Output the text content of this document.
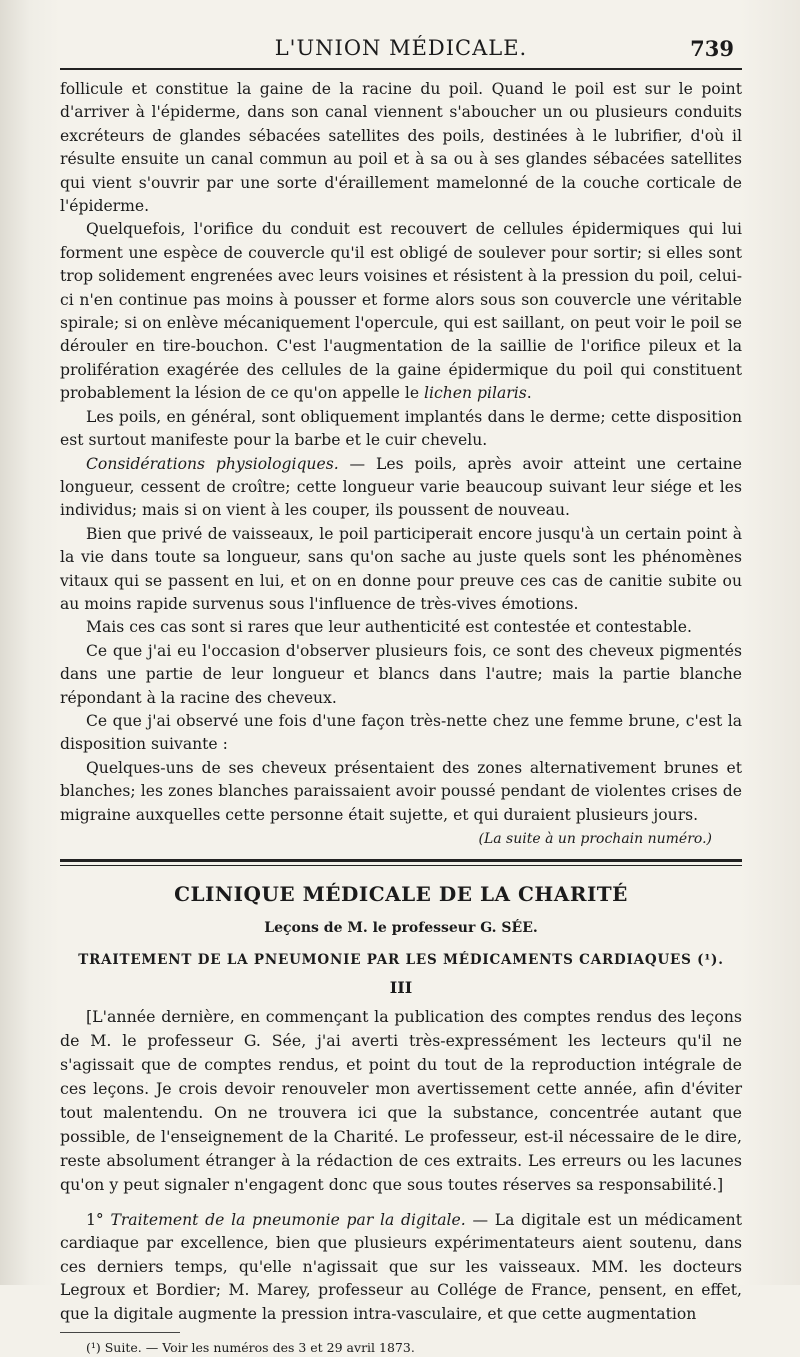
L'UNION MÉDICALE.	739

follicule et constitue la gaine de la racine du poil. Quand le poil est sur le point d'arriver à l'épiderme, dans son canal viennent s'aboucher un ou plusieurs conduits excréteurs de glandes sébacées satellites des poils, destinées à le lubrifier, d'où il résulte ensuite un canal commun au poil et à sa ou à ses glandes sébacées satellites qui vient s'ouvrir par une sorte d'éraillement mamelonné de la couche corticale de l'épiderme.

Quelquefois, l'orifice du conduit est recouvert de cellules épidermiques qui lui forment une espèce de couvercle qu'il est obligé de soulever pour sortir; si elles sont trop solidement engrenées avec leurs voisines et résistent à la pression du poil, celui-ci n'en continue pas moins à pousser et forme alors sous son couvercle une véritable spirale; si on enlève mécaniquement l'opercule, qui est saillant, on peut voir le poil se dérouler en tire-bouchon. C'est l'augmentation de la saillie de l'orifice pileux et la prolifération exagérée des cellules de la gaine épidermique du poil qui constituent probablement la lésion de ce qu'on appelle le lichen pilaris.

Les poils, en général, sont obliquement implantés dans le derme; cette disposition est surtout manifeste pour la barbe et le cuir chevelu.

Considérations physiologiques. — Les poils, après avoir atteint une certaine longueur, cessent de croître; cette longueur varie beaucoup suivant leur siége et les individus; mais si on vient à les couper, ils poussent de nouveau.

Bien que privé de vaisseaux, le poil participerait encore jusqu'à un certain point à la vie dans toute sa longueur, sans qu'on sache au juste quels sont les phénomènes vitaux qui se passent en lui, et on en donne pour preuve ces cas de canitie subite ou au moins rapide survenus sous l'influence de très-vives émotions.

Mais ces cas sont si rares que leur authenticité est contestée et contestable.

Ce que j'ai eu l'occasion d'observer plusieurs fois, ce sont des cheveux pigmentés dans une partie de leur longueur et blancs dans l'autre; mais la partie blanche répondant à la racine des cheveux.

Ce que j'ai observé une fois d'une façon très-nette chez une femme brune, c'est la disposition suivante :

Quelques-uns de ses cheveux présentaient des zones alternativement brunes et blanches; les zones blanches paraissaient avoir poussé pendant de violentes crises de migraine auxquelles cette personne était sujette, et qui duraient plusieurs jours.

(La suite à un prochain numéro.)
CLINIQUE MÉDICALE DE LA CHARITÉ
Leçons de M. le professeur G. SÉE.
TRAITEMENT DE LA PNEUMONIE PAR LES MÉDICAMENTS CARDIAQUES (¹).
III

[L'année dernière, en commençant la publication des comptes rendus des leçons de M. le professeur G. Sée, j'ai averti très-expressément les lecteurs qu'il ne s'agissait que de comptes rendus, et point du tout de la reproduction intégrale de ces leçons. Je crois devoir renouveler mon avertissement cette année, afin d'éviter tout malentendu. On ne trouvera ici que la substance, concentrée autant que possible, de l'enseignement de la Charité. Le professeur, est-il nécessaire de le dire, reste absolument étranger à la rédaction de ces extraits. Les erreurs ou les lacunes qu'on y peut signaler n'engagent donc que sous toutes réserves sa responsabilité.]

1° Traitement de la pneumonie par la digitale. — La digitale est un médicament cardiaque par excellence, bien que plusieurs expérimentateurs aient soutenu, dans ces derniers temps, qu'elle n'agissait que sur les vaisseaux. MM. les docteurs Legroux et Bordier; M. Marey, professeur au Collége de France, pensent, en effet, que la digitale augmente la pression intra-vasculaire, et que cette augmentation

(¹) Suite. — Voir les numéros des 3 et 29 avril 1873.
